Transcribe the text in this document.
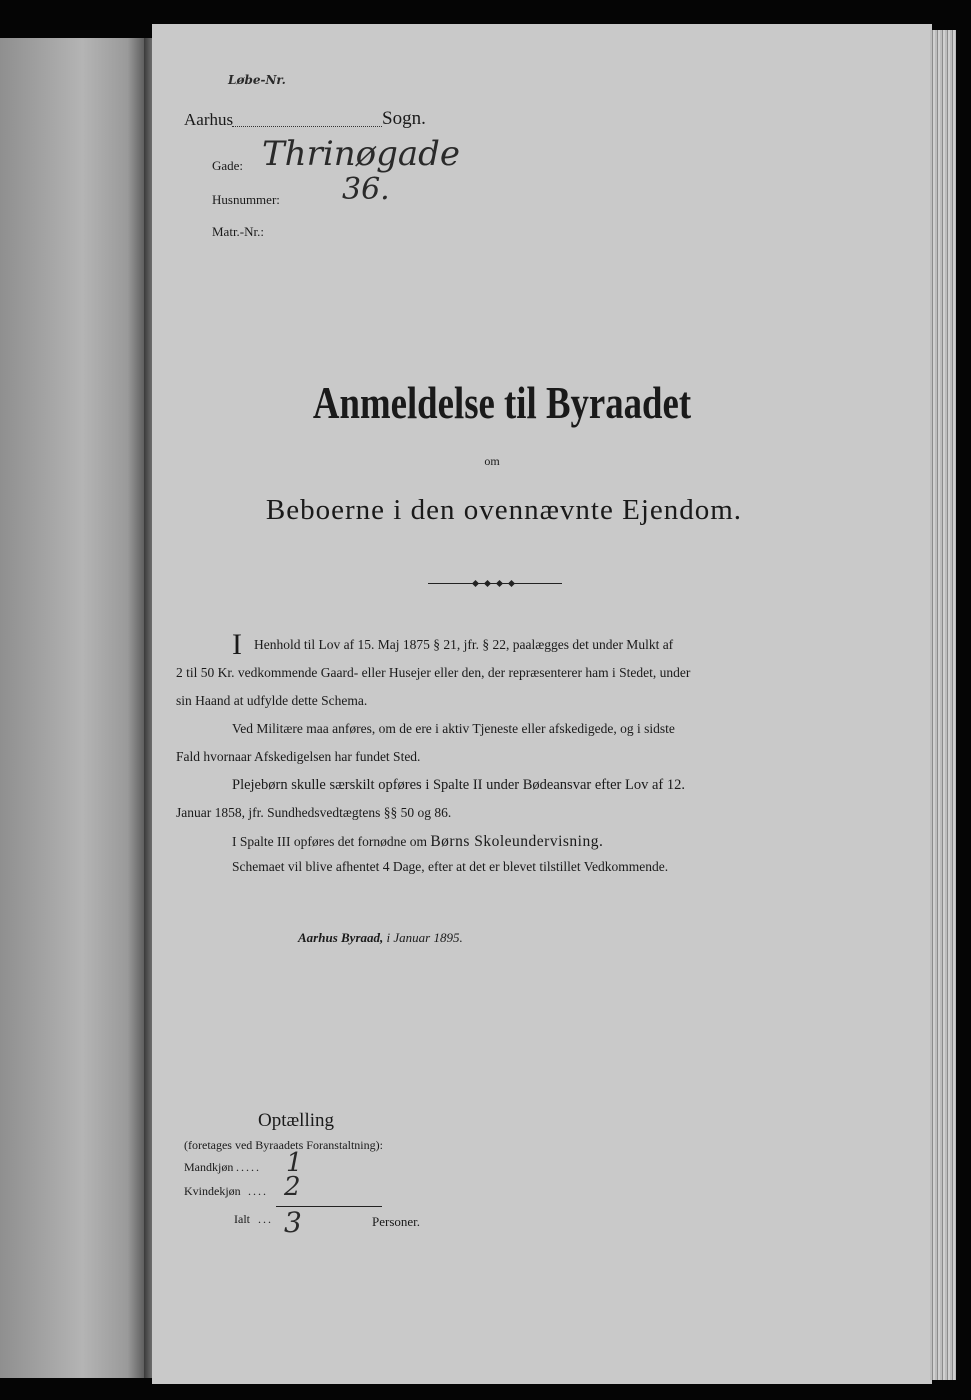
Løbe-Nr.
Aarhus	Sogn.
Gade: Thrinøgade
Husnummer: 36.
Matr.-Nr.:
Anmeldelse til Byraadet
om
Beboerne i den ovennævnte Ejendom.
I Henhold til Lov af 15. Maj 1875 § 21, jfr. § 22, paalægges det under Mulkt af
2 til 50 Kr. vedkommende Gaard- eller Husejer eller den, der repræsenterer ham i Stedet, under
sin Haand at udfylde dette Schema.
Ved Militære maa anføres, om de ere i aktiv Tjeneste eller afskedigede, og i sidste
Fald hvornaar Afskedigelsen har fundet Sted.
Plejebørn skulle særskilt opføres i Spalte II under Bødeansvar efter Lov af 12.
Januar 1858, jfr. Sundhedsvedtægtens §§ 50 og 86.
I Spalte III opføres det fornødne om Børns Skoleundervisning.
Schemaet vil blive afhentet 4 Dage, efter at det er blevet tilstillet Vedkommende.
Aarhus Byraad, i Januar 1895.
Optælling
(foretages ved Byraadets Foranstaltning):
Mandkjøn ..... 1
Kvindekjøn .... 2
Ialt ... 3	Personer.
